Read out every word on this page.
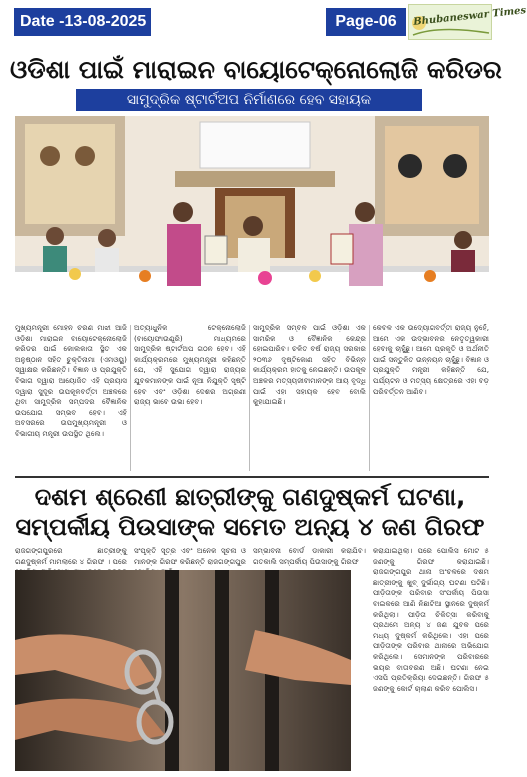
Date -13-08-2025	Page-06	Bhubaneswar Times
ଓଡିଶା ପାଇଁ ମାରାଇନ ବାୟୋଟେକ୍ନୋଲୋଜି କରିଡର
ସାମୁଦ୍ରିକ ଷ୍ଟାର୍ଟଅପ ନିର୍ମାଣରେ ହେବ ସହାୟକ
ମୁଖ୍ୟମନ୍ତ୍ରୀ ମୋହନ ଚରଣ ମାଝୀ ଆଜି ଓଡ଼ିଶା ମାରାଇନ ବାୟୋଟେକ୍ନୋଲୋଜି କରିଡର ପାଇଁ କୋଲକାତା ସ୍ଥିତ ଏକ ଅନୁଷ୍ଠାନ ସହିତ ଚୁକ୍ତିନାମା (ଏମଓୟୁ) ସ୍ୱାକ୍ଷର କରିଛନ୍ତି। ବିଜ୍ଞାନ ଓ ପ୍ରଯୁକ୍ତି ବିଭାଗ ଦ୍ୱାରା ଆୟୋଜିତ ଏହି ପ୍ରୟାସ ଦ୍ୱାରା ସୁଦୂର ଉପକୂଳବର୍ତ୍ତୀ ଅଞ୍ଚଳରେ ଥିବା ସାମୁଦ୍ରିକ ସମ୍ପଦର ବୈଜ୍ଞାନିକ ଉପଯୋଗ ସମ୍ଭବ ହେବ। ଏହି ଅବସରରେ ଉପମୁଖ୍ୟମନ୍ତ୍ରୀ ଓ ବିଭାଗୀୟ ମନ୍ତ୍ରୀ ଉପସ୍ଥିତ ଥିଲେ।
ଅତ୍ୟାଧୁନିକ ଟେକ୍ନୋଲୋଜି (ବାୟୋଫାଉଣ୍ଡ୍ରି) ମାଧ୍ୟମରେ ସାମୁଦ୍ରିକ ଷ୍ଟାର୍ଟଅପ ଗଠନ ହେବ। ଏହି କାର୍ଯ୍ୟକ୍ରମରେ ମୁଖ୍ୟମନ୍ତ୍ରୀ କହିଛନ୍ତି ଯେ, ଏହି ସୁଯୋଗ ଦ୍ୱାରା ରାଜ୍ୟର ଯୁବକମାନଙ୍କ ପାଇଁ ନୂଆ ନିଯୁକ୍ତି ସୃଷ୍ଟି ହେବ ଏବଂ ଓଡ଼ିଶା ଦେଶର ଅଗ୍ରଣୀ ରାଜ୍ୟ ଭାବେ ଉଭା ହେବ।
ସାମୁଦ୍ରିକ ସମ୍ବଳ ପାଇଁ ଓଡ଼ିଶା ଏକ ସାମରିକ ଓ ବୈଜ୍ଞାନିକ କେନ୍ଦ୍ର ହୋଇପାରିବ। ଚଳିତ ବର୍ଷ ରାଜ୍ୟ ସରକାର ୨୦୩୬ ଦୃଷ୍ଟିକୋଣ ସହିତ ବିଭିନ୍ନ କାର୍ଯ୍ୟକ୍ରମ ହାତକୁ ନେଇଛନ୍ତି। ଉପକୂଳ ଅଞ୍ଚଳର ମତ୍ସ୍ୟଜୀବୀମାନଙ୍କ ଆୟ ବୃଦ୍ଧି ପାଇଁ ଏହା ସହାୟକ ହେବ ବୋଲି କୁହାଯାଇଛି।
କେବଳ ଏକ ଉଦ୍ୟୋଗବର୍ତ୍ତୀ ରାଜ୍ୟ ନୁହେଁ, ଆମେ ଏକ ଉଦ୍ଭାବନର ନେତୃତ୍ୱକାରୀ ହେବାକୁ ଚାହୁଁଛୁ। ଆମେ ପ୍ରକୃତି ଓ ଅର୍ଥନୀତି ପାଇଁ ସନ୍ତୁଳିତ ଉନ୍ନୟନ ଚାହୁଁଛୁ। ବିଜ୍ଞାନ ଓ ପ୍ରଯୁକ୍ତି ମନ୍ତ୍ରୀ କହିଛନ୍ତି ଯେ, ପର୍ଯ୍ୟଟନ ଓ ମତ୍ସ୍ୟ କ୍ଷେତ୍ରରେ ଏହା ବଡ଼ ପରିବର୍ତ୍ତନ ଆଣିବ।
ଦଶମ ଶ୍ରେଣୀ ଛାତ୍ରୀଙ୍କୁ ଗଣଦୁଷ୍କର୍ମ ଘଟଣା,
ସମ୍ପର୍କୀୟ ପିଉସାଙ୍କ ସମେତ ଅନ୍ୟ ୪ ଜଣ ଗିରଫ
ରାଜଗଙ୍ଗପୁରରେ ଛାତ୍ରୀଙ୍କୁ ଗଣଦୁଷ୍କର୍ମ ମାମଲାରେ ୪ ଗିରଫ । ପରେ
ସଂପୃକ୍ତି ସୂତ୍ର ଏବଂ ଅନେକ ସୂଚନା ଓ ମାନଙ୍କ ଗିରଫ କରିଛନ୍ତି ରାଜଗଙ୍ଗପୁର
ସମ୍ଭାବନା ବୋର୍ଡ ଡାକାରୀ କରାଯିବ। ଗତକାଲି ସମ୍ପର୍କୀୟ ପିଉସାଙ୍କୁ ଗିରଫ
କରାଯାଇଥିଲା। ପରେ ପୋଲିସ ମୋଟ ୫ ଜଣଙ୍କୁ ଗିରଫ କରାଯାଇଛି। ରାଜଗଙ୍ଗପୁର ଥାନା ଅଂଚଳରେ ଦଶମ ଛାତ୍ରୀଙ୍କୁ ଖୁବ୍ ଦୁର୍ଭାଗ୍ୟ ଘଟଣା ଘଟିଛି। ପୀଡ଼ିତାଙ୍କ ପରିବାର ସଂପର୍କୀୟ ପିଉସା ବାଇକରେ ଆଣି ନିଛାଟିଆ ସ୍ଥାନରେ ଦୁଷ୍କର୍ମ କରିଥିଲା। ପୀଡ଼ିତା ଚିକିତ୍ସା କରିବାକୁ ପ୍ରଥମେ ଅନ୍ୟ ୪ ଜଣ ଯୁବକ ପରେ ମଧ୍ୟ ଦୁଷ୍କର୍ମ କରିଥିଲେ। ଏହା ପରେ ପୀଡ଼ିତାଙ୍କ ପରିବାର ଥାନାରେ ଅଭିଯୋଗ କରିଥିଲେ। ସେମାନଙ୍କ ପରିବାରରେ ଭୟର ବାତାବରଣ ଅଛି। ଘଟଣା ନେଇ ଏସପି ପ୍ରତିକ୍ରିୟା ଦେଇଛନ୍ତି। ଗିରଫ ୫ ଜଣଙ୍କୁ କୋର୍ଟ ଚାଲାଣ କରିବ ପୋଲିସ।
